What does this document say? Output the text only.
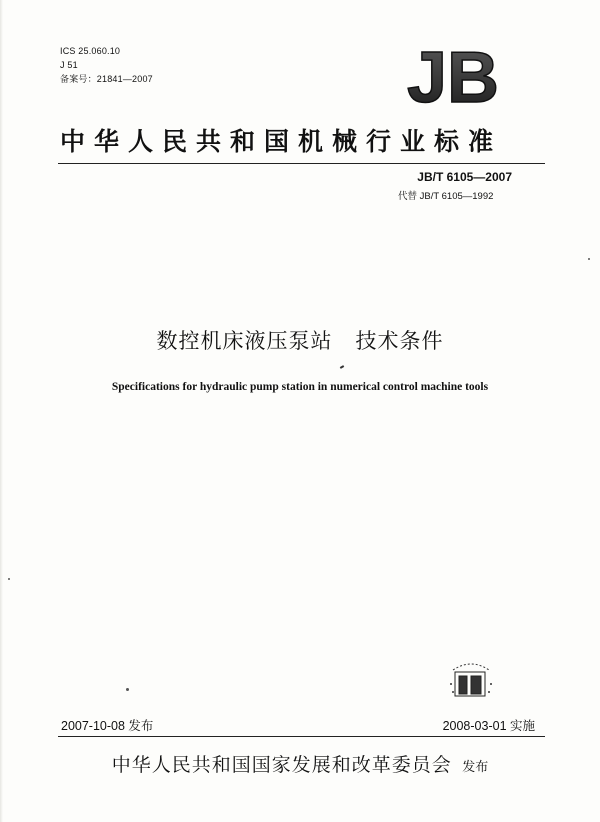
ICS 25.060.10
J 51
备案号：21841—2007	JB
中华人民共和国机械行业标准
JB/T 6105—2007
代替 JB/T 6105—1992
数控机床液压泵站   技术条件
Specifications for hydraulic pump station in numerical control machine tools
2007-10-08 发布	2008-03-01 实施
中华人民共和国国家发展和改革委员会 发布
